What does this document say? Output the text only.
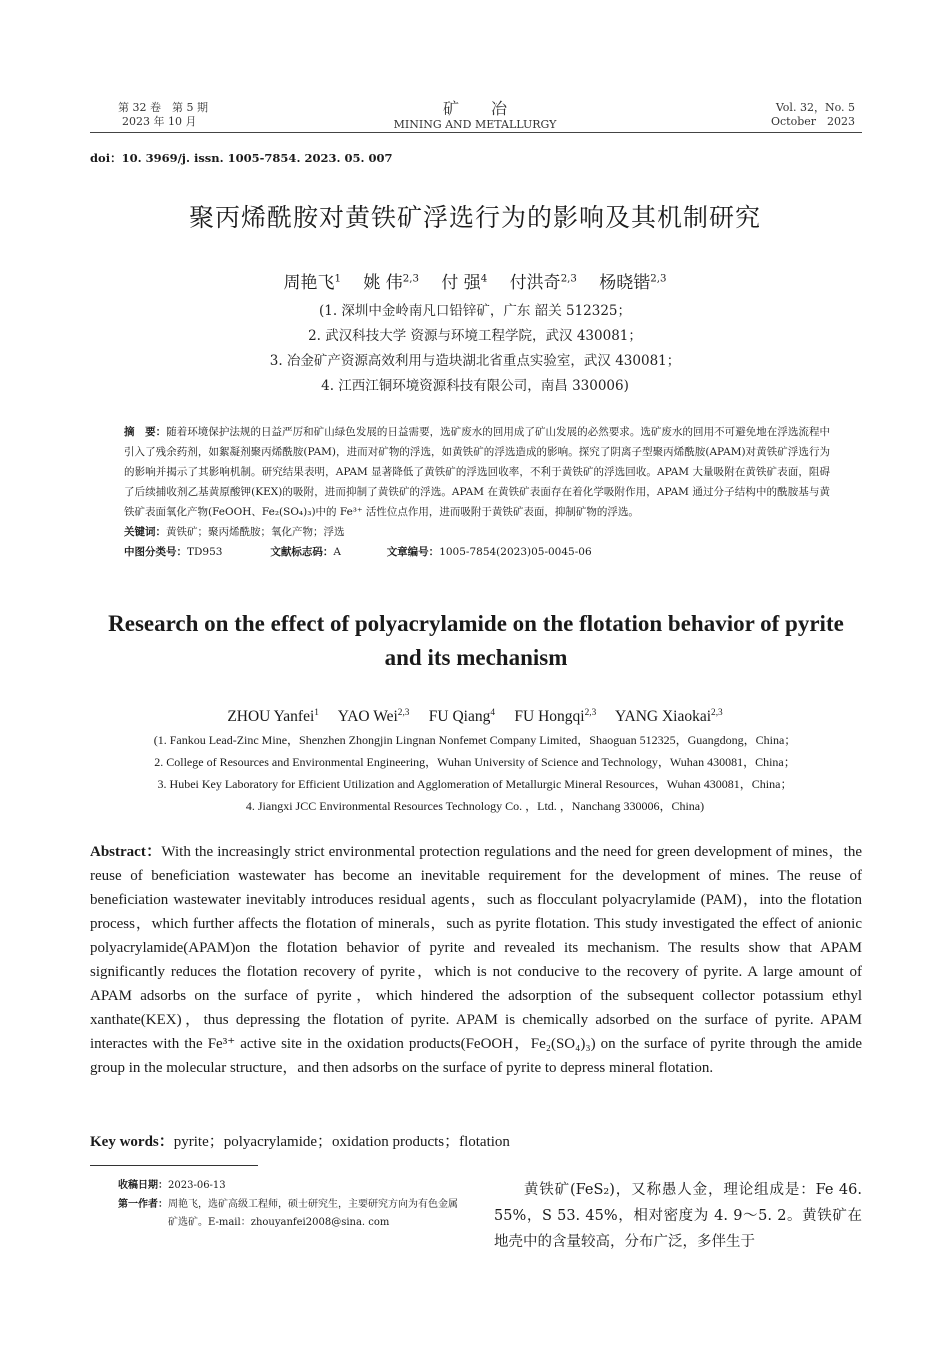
第 32 卷　第 5 期
2023 年 10 月
矿　　冶
MINING AND METALLURGY
Vol. 32，No. 5
October　2023
doi：10. 3969/j. issn. 1005-7854. 2023. 05. 007
聚丙烯酰胺对黄铁矿浮选行为的影响及其机制研究
周艳飞$^1$  姚 伟$^{2,3}$  付 强$^4$  付洪奇$^{2,3}$  杨晓锴$^{2,3}$
(1. 深圳中金岭南凡口铅锌矿，广东 韶关 512325；
2. 武汉科技大学 资源与环境工程学院，武汉 430081；
3. 冶金矿产资源高效利用与造块湖北省重点实验室，武汉 430081；
4. 江西江铜环境资源科技有限公司，南昌 330006)
摘　要：随着环境保护法规的日益严厉和矿山绿色发展的日益需要，选矿废水的回用成了矿山发展的必然要求。选矿废水的回用不可避免地在浮选流程中引入了残余药剂，如絮凝剂聚丙烯酰胺(PAM)，进而对矿物的浮选，如黄铁矿的浮选造成的影响。探究了阴离子型聚丙烯酰胺(APAM)对黄铁矿浮选行为的影响并揭示了其影响机制。研究结果表明，APAM 显著降低了黄铁矿的浮选回收率，不利于黄铁矿的浮选回收。APAM 大量吸附在黄铁矿表面，阻碍了后续捕收剂乙基黄原酸钾(KEX)的吸附，进而抑制了黄铁矿的浮选。APAM 在黄铁矿表面存在着化学吸附作用，APAM 通过分子结构中的酰胺基与黄铁矿表面氧化产物(FeOOH、Fe₂(SO₄)₃)中的 Fe³⁺ 活性位点作用，进而吸附于黄铁矿表面，抑制矿物的浮选。
关键词：黄铁矿；聚丙烯酰胺；氧化产物；浮选
中图分类号：TD953	文献标志码：A	文章编号：1005-7854(2023)05-0045-06
Research on the effect of polyacrylamide on the flotation behavior of pyrite and its mechanism
ZHOU Yanfei$^1$   YAO Wei$^{2,3}$   FU Qiang$^4$   FU Hongqi$^{2,3}$   YANG Xiaokai$^{2,3}$
(1. Fankou Lead-Zinc Mine，Shenzhen Zhongjin Lingnan Nonfemet Company Limited，Shaoguan 512325，Guangdong，China；
2. College of Resources and Environmental Engineering，Wuhan University of Science and Technology，Wuhan 430081，China；
3. Hubei Key Laboratory for Efficient Utilization and Agglomeration of Metallurgic Mineral Resources，Wuhan 430081，China；
4. Jiangxi JCC Environmental Resources Technology Co. ，Ltd. ，Nanchang 330006，China)
Abstract：With the increasingly strict environmental protection regulations and the need for green development of mines，the reuse of beneficiation wastewater has become an inevitable requirement for the development of mines. The reuse of beneficiation wastewater inevitably introduces residual agents，such as flocculant polyacrylamide (PAM)，into the flotation process，which further affects the flotation of minerals，such as pyrite flotation. This study investigated the effect of anionic polyacrylamide(APAM)on the flotation behavior of pyrite and revealed its mechanism. The results show that APAM significantly reduces the flotation recovery of pyrite，which is not conducive to the recovery of pyrite. A large amount of APAM adsorbs on the surface of pyrite，which hindered the adsorption of the subsequent collector potassium ethyl xanthate(KEX)，thus depressing the flotation of pyrite. APAM is chemically adsorbed on the surface of pyrite. APAM interactes with the Fe³⁺ active site in the oxidation products(FeOOH，Fe₂(SO₄)₃) on the surface of pyrite through the amide group in the molecular structure，and then adsorbs on the surface of pyrite to depress mineral flotation.
Key words：pyrite；polyacrylamide；oxidation products；flotation
收稿日期：2023-06-13
第一作者： 周艳飞，选矿高级工程师，硕士研究生，主要研究方向为有色金属矿选矿。E-mail：zhouyanfei2008@sina. com
黄铁矿(FeS₂)，又称愚人金，理论组成是：Fe 46. 55%，S 53. 45%，相对密度为 4. 9～5. 2。黄铁矿在地壳中的含量较高，分布广泛，多伴生于
